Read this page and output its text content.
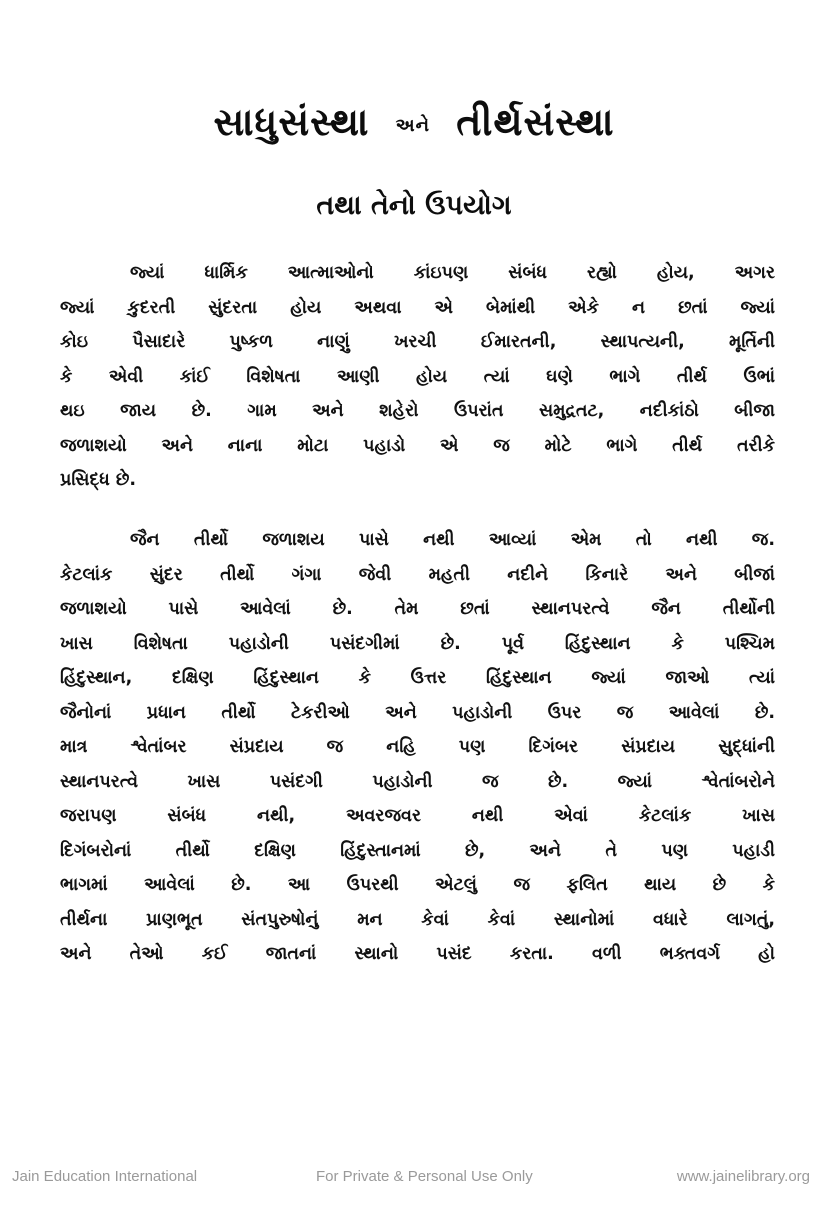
સાધુસંસ્થા અને તીર્થસંસ્થા
તથા તેનો ઉપયોગ
જ્યાં ધાર્મિક આત્માઓનો કાંઇપણ સંબંધ રહ્યો હોય, અગર
જ્યાં કુદરતી સુંદરતા હોય અથવા એ બેમાંથી એકે ન છતાં જ્યાં
કોઇ પૈસાદારે પુષ્કળ નાણું ખરચી ઈમારતની, સ્થાપત્યની, મૂર્તિની
કે એવી કાંઈ વિશેષતા આણી હોય ત્યાં ઘણે ભાગે તીર્થ ઉભાં
થઇ જાય છે. ગામ અને શહેરો ઉપરાંત સમુદ્રતટ, નદીકાંઠો બીજા
જળાશયો અને નાના મોટા પહાડો એ જ મોટે ભાગે તીર્થ તરીકે
પ્રસિદ્ધ છે.
જૈન તીર્થો જળાશય પાસે નથી આવ્યાં એમ તો નથી જ.
કેટલાંક સુંદર તીર્થો ગંગા જેવી મહતી નદીને કિનારે અને બીજાં
જળાશયો પાસે આવેલાં છે. તેમ છતાં સ્થાનપરત્વે જૈન તીર્થોની
ખાસ વિશેષતા પહાડોની પસંદગીમાં છે. પૂર્વ હિંદુસ્થાન કે પશ્ચિમ
હિંદુસ્થાન, દક્ષિણ હિંદુસ્થાન કે ઉત્તર હિંદુસ્થાન જ્યાં જાઓ ત્યાં
જૈનોનાં પ્રધાન તીર્થો ટેકરીઓ અને પહાડોની ઉપર જ આવેલાં છે.
માત્ર શ્વેતાંબર સંપ્રદાય જ નહિ પણ દિગંબર સંપ્રદાય સુદ્ધાંની
સ્થાનપરત્વે ખાસ પસંદગી પહાડોની જ છે. જ્યાં શ્વેતાંબરોને
જરાપણ સંબંધ નથી, અવરજવર નથી એવાં કેટલાંક ખાસ
દિગંબરોનાં તીર્થો દક્ષિણ હિંદુસ્તાનમાં છે, અને તે પણ પહાડી
ભાગમાં આવેલાં છે. આ ઉપરથી એટલું જ ફલિત થાય છે કે
તીર્થના પ્રાણભૂત સંતપુરુષોનું મન કેવાં કેવાં સ્થાનોમાં વધારે લાગતું,
અને તેઓ કઈ જાતનાં સ્થાનો પસંદ કરતા. વળી ભક્તવર્ગ હો
Jain Education International	For Private & Personal Use Only	www.jainelibrary.org
